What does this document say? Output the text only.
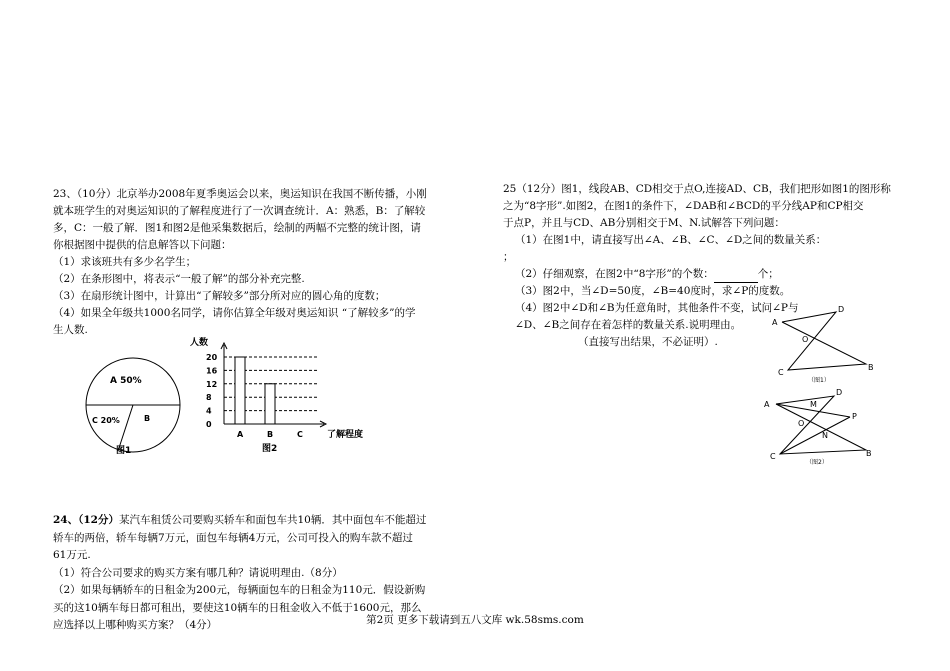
23、（10分）北京举办2008年夏季奥运会以来，奥运知识在我国不断传播，小刚

就本班学生的对奥运知识的了解程度进行了一次调查统计．A：熟悉，B：了解较

多，C：一般了解．图1和图2是他采集数据后，绘制的两幅不完整的统计图，请

你根据图中提供的信息解答以下问题：

（1）求该班共有多少名学生；

（2）在条形图中，将表示“一般了解”的部分补充完整.

（3）在扇形统计图中，计算出“了解较多”部分所对应的圆心角的度数；

（4）如果全年级共1000名同学，请你估算全年级对奥运知识 “了解较多”的学

生人数.

A 50%
C 20%	B
图1
人数
0
4
8
12
16
20
A	B	C	了解程度
图2

24、（12分）某汽车租赁公司要购买轿车和面包车共10辆．其中面包车不能超过

轿车的两倍，轿车每辆7万元，面包车每辆4万元，公司可投入的购车款不超过

61万元.

（1）符合公司要求的购买方案有哪几种？请说明理由.（8分）

（2）如果每辆轿车的日租金为200元，每辆面包车的日租金为110元．假设新购

买的这10辆车每日都可租出，要使这10辆车的日租金收入不低于1600元，那么

应选择以上哪种购买方案？（4分）

25（12分）图1，线段AB、CD相交于点O,连接AD、CB，我们把形如图1的图形称

之为“8字形”.如图2，在图1的条件下，∠DAB和∠BCD的平分线AP和CP相交

于点P，并且与CD、AB分别相交于M、N.试解答下列问题：

（1）在图1中，请直接写出∠A、∠B、∠C、∠D之间的数量关系：

；

（2）仔细观察，在图2中“8字形”的个数：	个；

（3）图2中，当∠D=50度，∠B=40度时，求∠P的度数。

（4）图2中∠D和∠B为任意角时，其他条件不变，试问∠P与

∠D、∠B之间存在着怎样的数量关系.说明理由。

（直接写出结果，不必证明）.

A
D
O
C
B
（图1）
A
D
M
P
O
N
C	B
（图2）
第2页 更多下载请到五八文库 wk.58sms.com
